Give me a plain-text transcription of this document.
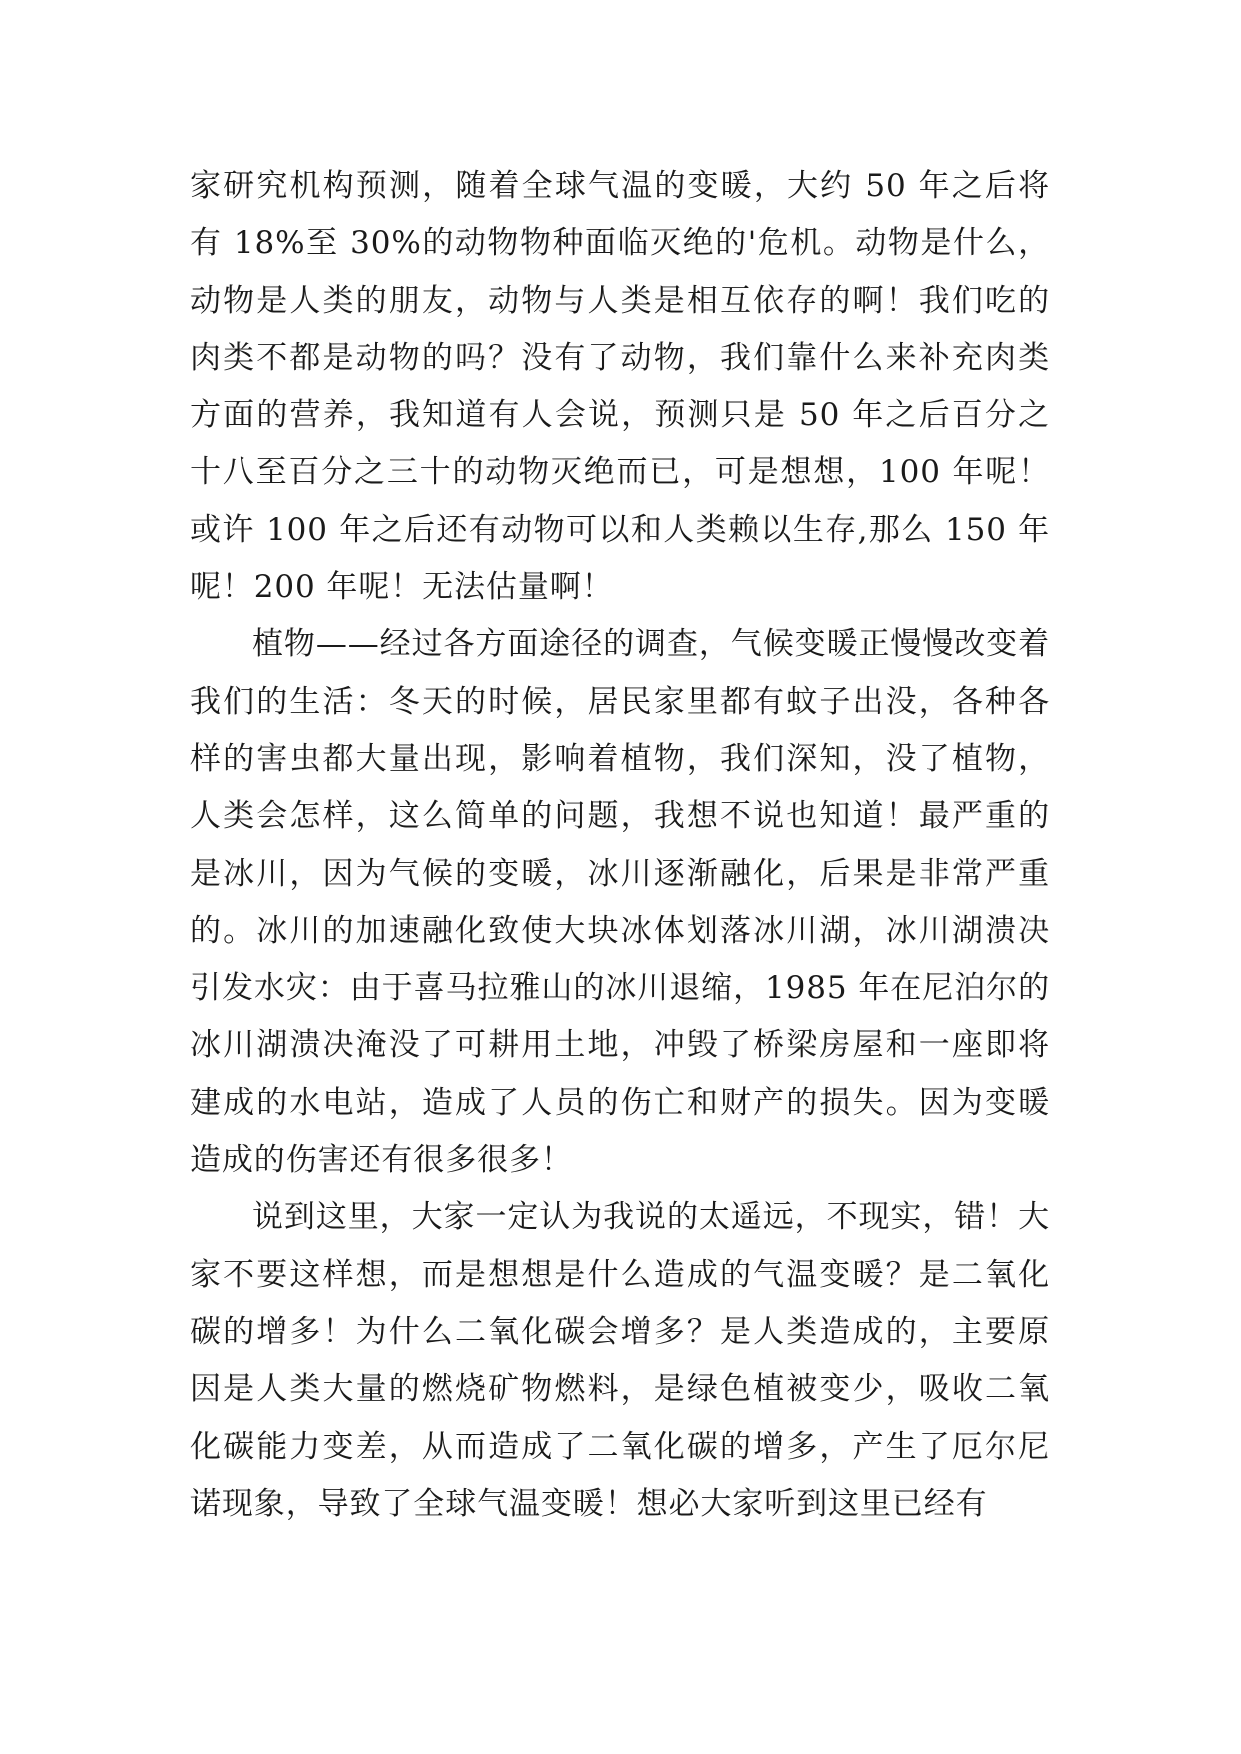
家研究机构预测，随着全球气温的变暖，大约 50 年之后将有 18%至 30%的动物物种面临灭绝的'危机。动物是什么，动物是人类的朋友，动物与人类是相互依存的啊！我们吃的肉类不都是动物的吗？没有了动物，我们靠什么来补充肉类方面的营养，我知道有人会说，预测只是 50 年之后百分之十八至百分之三十的动物灭绝而已，可是想想，100 年呢！或许 100 年之后还有动物可以和人类赖以生存,那么 150 年呢！200 年呢！无法估量啊！

植物——经过各方面途径的调查，气候变暖正慢慢改变着我们的生活：冬天的时候，居民家里都有蚊子出没，各种各样的害虫都大量出现，影响着植物，我们深知，没了植物，人类会怎样，这么简单的问题，我想不说也知道！最严重的是冰川，因为气候的变暖，冰川逐渐融化，后果是非常严重的。冰川的加速融化致使大块冰体划落冰川湖，冰川湖溃决引发水灾：由于喜马拉雅山的冰川退缩，1985 年在尼泊尔的冰川湖溃决淹没了可耕用土地，冲毁了桥梁房屋和一座即将建成的水电站，造成了人员的伤亡和财产的损失。因为变暖造成的伤害还有很多很多！

说到这里，大家一定认为我说的太遥远，不现实，错！大家不要这样想，而是想想是什么造成的气温变暖？是二氧化碳的增多！为什么二氧化碳会增多？是人类造成的，主要原因是人类大量的燃烧矿物燃料，是绿色植被变少，吸收二氧化碳能力变差，从而造成了二氧化碳的增多，产生了厄尔尼诺现象，导致了全球气温变暖！想必大家听到这里已经有
